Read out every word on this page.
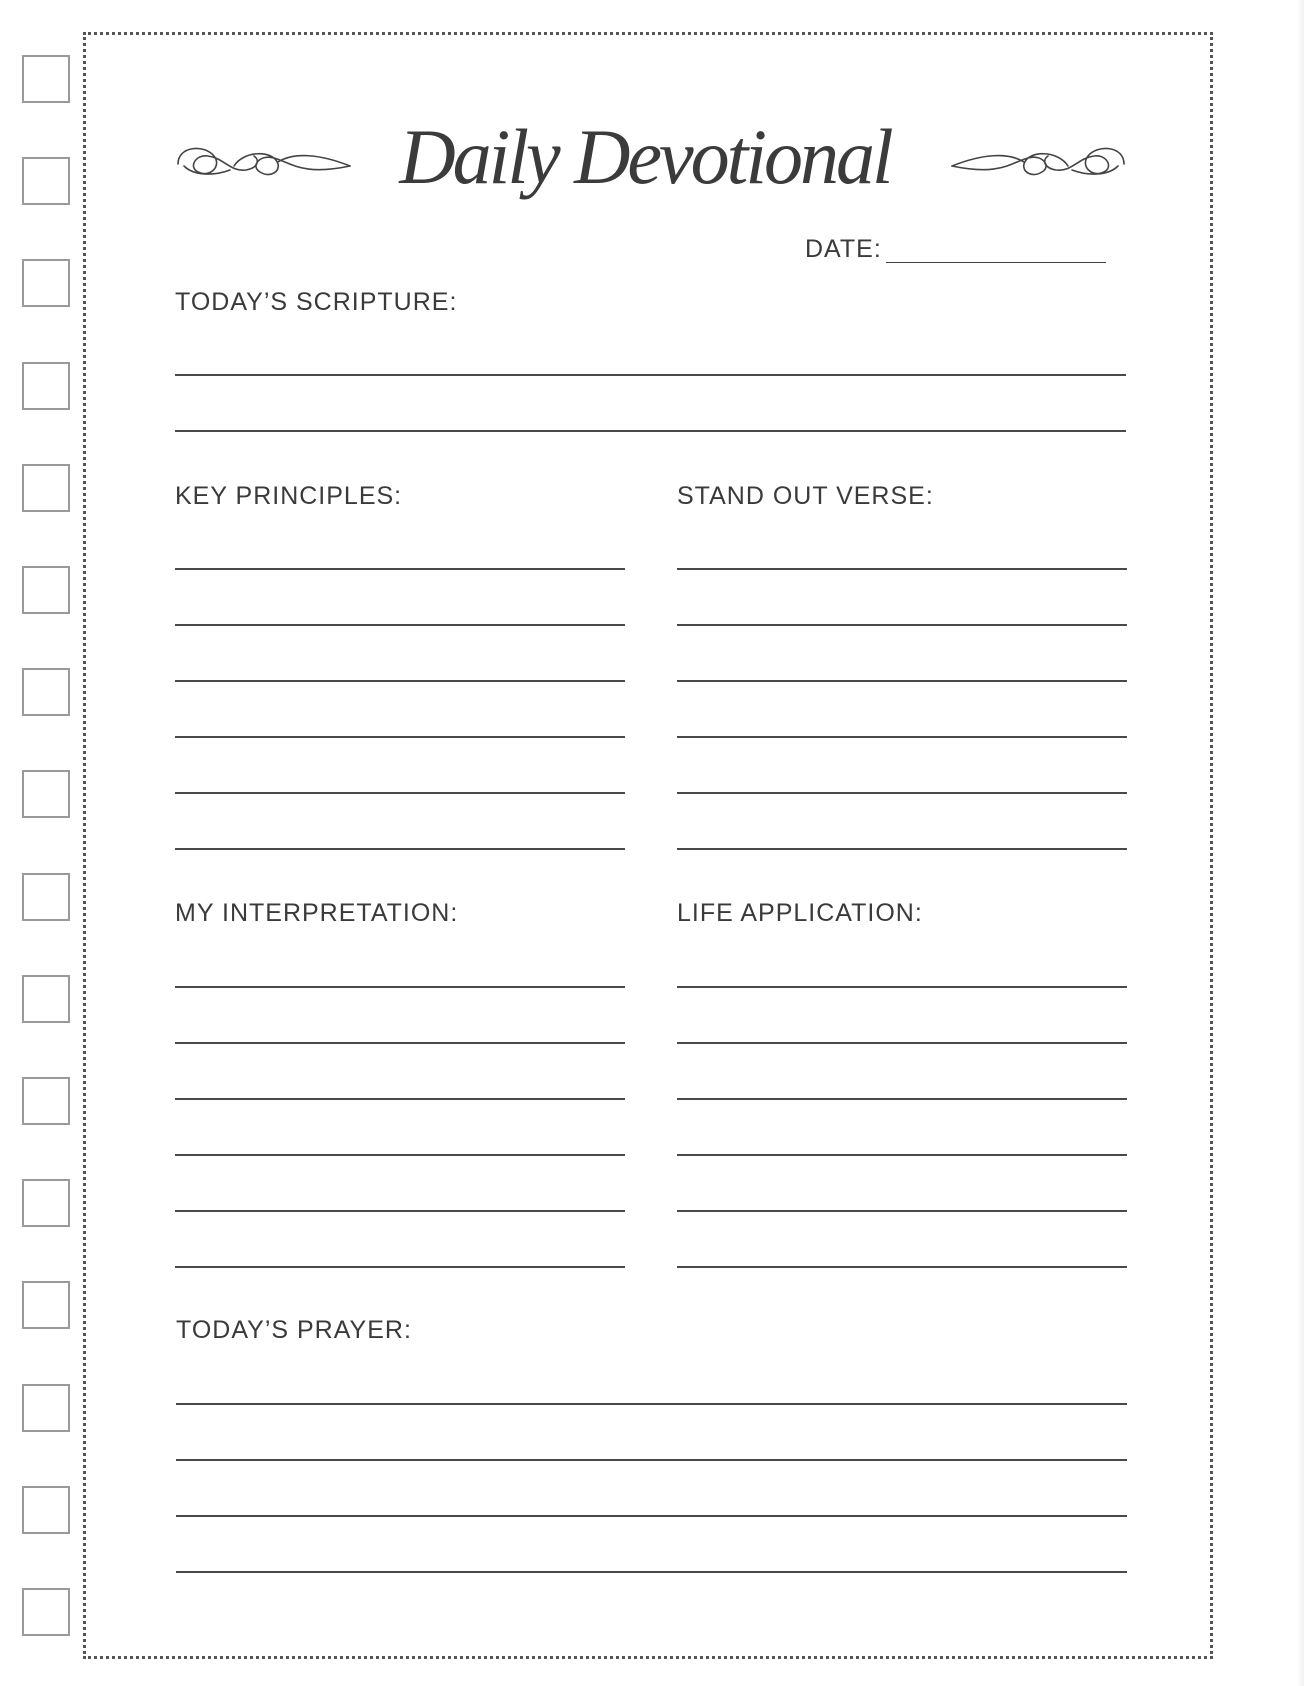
Daily Devotional
DATE:
TODAY’S SCRIPTURE:
KEY PRINCIPLES:	STAND OUT VERSE:
MY INTERPRETATION:	LIFE APPLICATION:
TODAY’S PRAYER:
